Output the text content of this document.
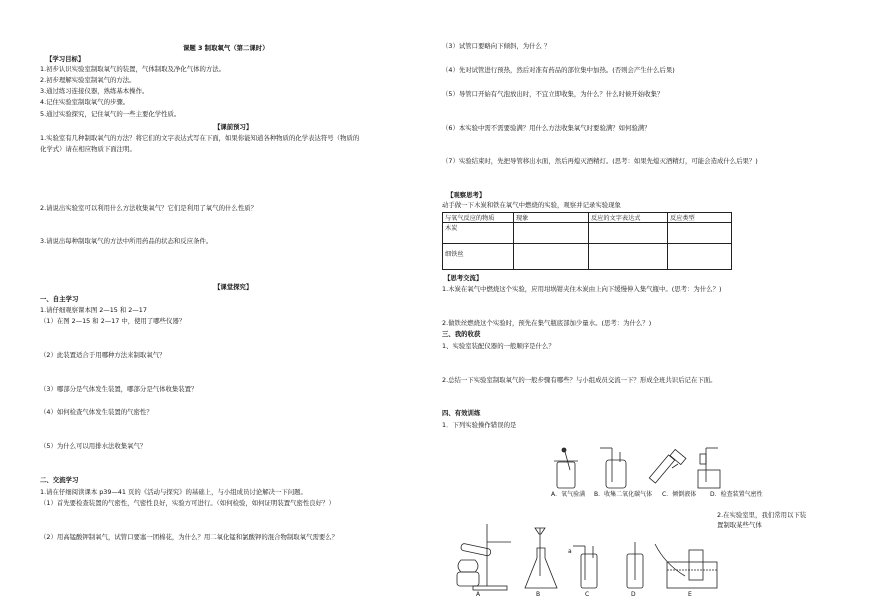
课题 3 制取氧气（第二课时）
【学习目标】
1.初步认识实验室制取氧气的装置，气体制取及净化气体的方法。
2.初步理解实验室制氧气的方法。
3.通过练习连接仪器，熟练基本操作。
4.记住实验室制取氧气的步骤。
5.通过实验探究，记住氧气的一些主要化学性质。
【课前预习】
1.实验室有几种制取氧气的方法？将它们的文字表达式写在下面，如果你能知道各种物质的化学表达符号（物质的
化学式）请在相应物质下面注明。
2.请说出实验室可以利用什么方法收集氧气？它们是利用了氧气的什么性质？
3.请说出每种制取氧气的方法中所用药品的状态和反应条件。
【课堂探究】
一、自主学习
1.请仔细观察课本图 2—15 和 2—17
（1）在图 2—15 和 2—17 中，使用了哪些仪器？
（2）此装置适合于用哪种方法来制取氧气？
（3）哪部分是气体发生装置，哪部分是气体收集装置？
（4）如何检查气体发生装置的气密性？
（5）为什么可以用排水法收集氧气？
二、交流学习
1.请在仔细阅读课本 p39—41 页的《活动与探究》的基础上，与小组成员讨论解决一下问题。
（1）首先要检查装置的气密性，气密性良好，实验方可进行。（如何检验，如何证明装置气密性良好？）
（2）用高锰酸钾制氧气，试管口要塞一团棉花，为什么？用二氧化锰和氯酸钾的混合物制取氧气需要么？
（3）试管口要略向下倾斜，为什么 ？
（4）先对试管进行预热，然后对准有药品的部位集中加热。(否则会产生什么后果)
（5）导管口开始有气泡放出时，不宜立即收集，为什么？什么时候开始收集？
（6）本实验中需不需要验满？用什么方法收集氧气时要验满？如何验满？
（7）实验结束时，先把导管移出水面，然后再熄灭酒精灯。(思考：如果先熄灭酒精灯，可能会造成什么后果？)
【观察思考】
动手做一下木炭和铁在氧气中燃烧的实验，观察并记录实验现象
与氧气反应的物质	现象	反应的文字表达式	反应类型
木炭			
细铁丝			
【思考交流】
1.木炭在氧气中燃烧这个实验，应用坩埚钳夹住木炭由上向下缓慢伸入集气瓶中。(思考：为什么？)
2.做铁丝燃烧这个实验时，预先在集气瓶底部加少量水。(思考：为什么？)
三、我的收获
1、实验室装配仪器的一般顺序是什么？
2.总结一下实验室制取氧气的一般步骤有哪些？与小组成员交流一下？形成全班共识后记在下面。
四、有效训练
1．下列实验操作错误的是
A．氧气验满 B．收集二氧化碳气体 C．倾倒液体 D．检查装置气密性
2.在实验室里，我们常用以下装
置制取某些气体
a
A	B	C	D	E
